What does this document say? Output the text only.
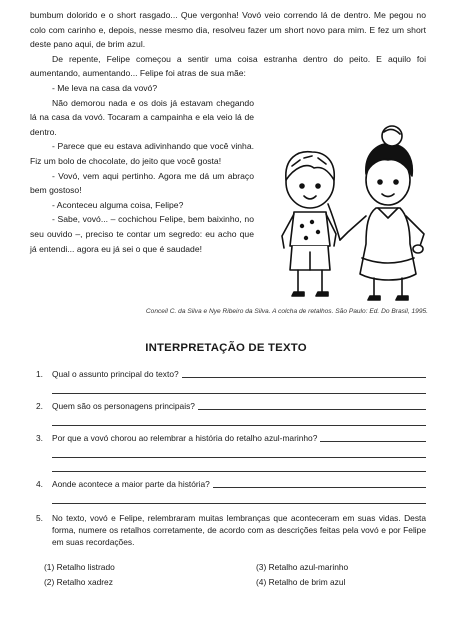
bumbum dolorido e o short rasgado... Que vergonha! Vovó veio correndo lá de dentro. Me pegou no colo com carinho e, depois, nesse mesmo dia, resolveu fazer um short novo para mim. E fez um short deste pano aqui, de brim azul.

De repente, Felipe começou a sentir uma coisa estranha dentro do peito. E aquilo foi aumentando, aumentando... Felipe foi atras de sua mãe:

- Me leva na casa da vovó?

Não demorou nada e os dois já estavam chegando lá na casa da vovó. Tocaram a campainha e ela veio lá de dentro.

- Parece que eu estava adivinhando que você vinha. Fiz um bolo de chocolate, do jeito que você gosta!

- Vovó, vem aqui pertinho. Agora me dá um abraço bem gostoso!

- Aconteceu alguma coisa, Felipe?

- Sabe, vovó... – cochichou Felipe, bem baixinho, no seu ouvido –, preciso te contar um segredo: eu acho que já entendi... agora eu já sei o que é saudade!

Conceil C. da Silva e Nye Ribeiro da Silva. A colcha de retalhos. São Paulo: Ed. Do Brasil, 1995.
INTERPRETAÇÃO DE TEXTO
1.	Qual o assunto principal do texto?
2.	Quem são os personagens principais?
3.	Por que a vovó chorou ao relembrar a história do retalho azul-marinho?
4.	Aonde acontece a maior parte da história?
5.	No texto, vovó e Felipe, relembraram muitas lembranças que aconteceram em suas vidas. Desta forma, numere os retalhos corretamente, de acordo com as descrições feitas pela vovó e por Felipe em suas recordações.
(1) Retalho listrado	(3) Retalho azul-marinho
(2) Retalho xadrez	(4) Retalho de brim azul
